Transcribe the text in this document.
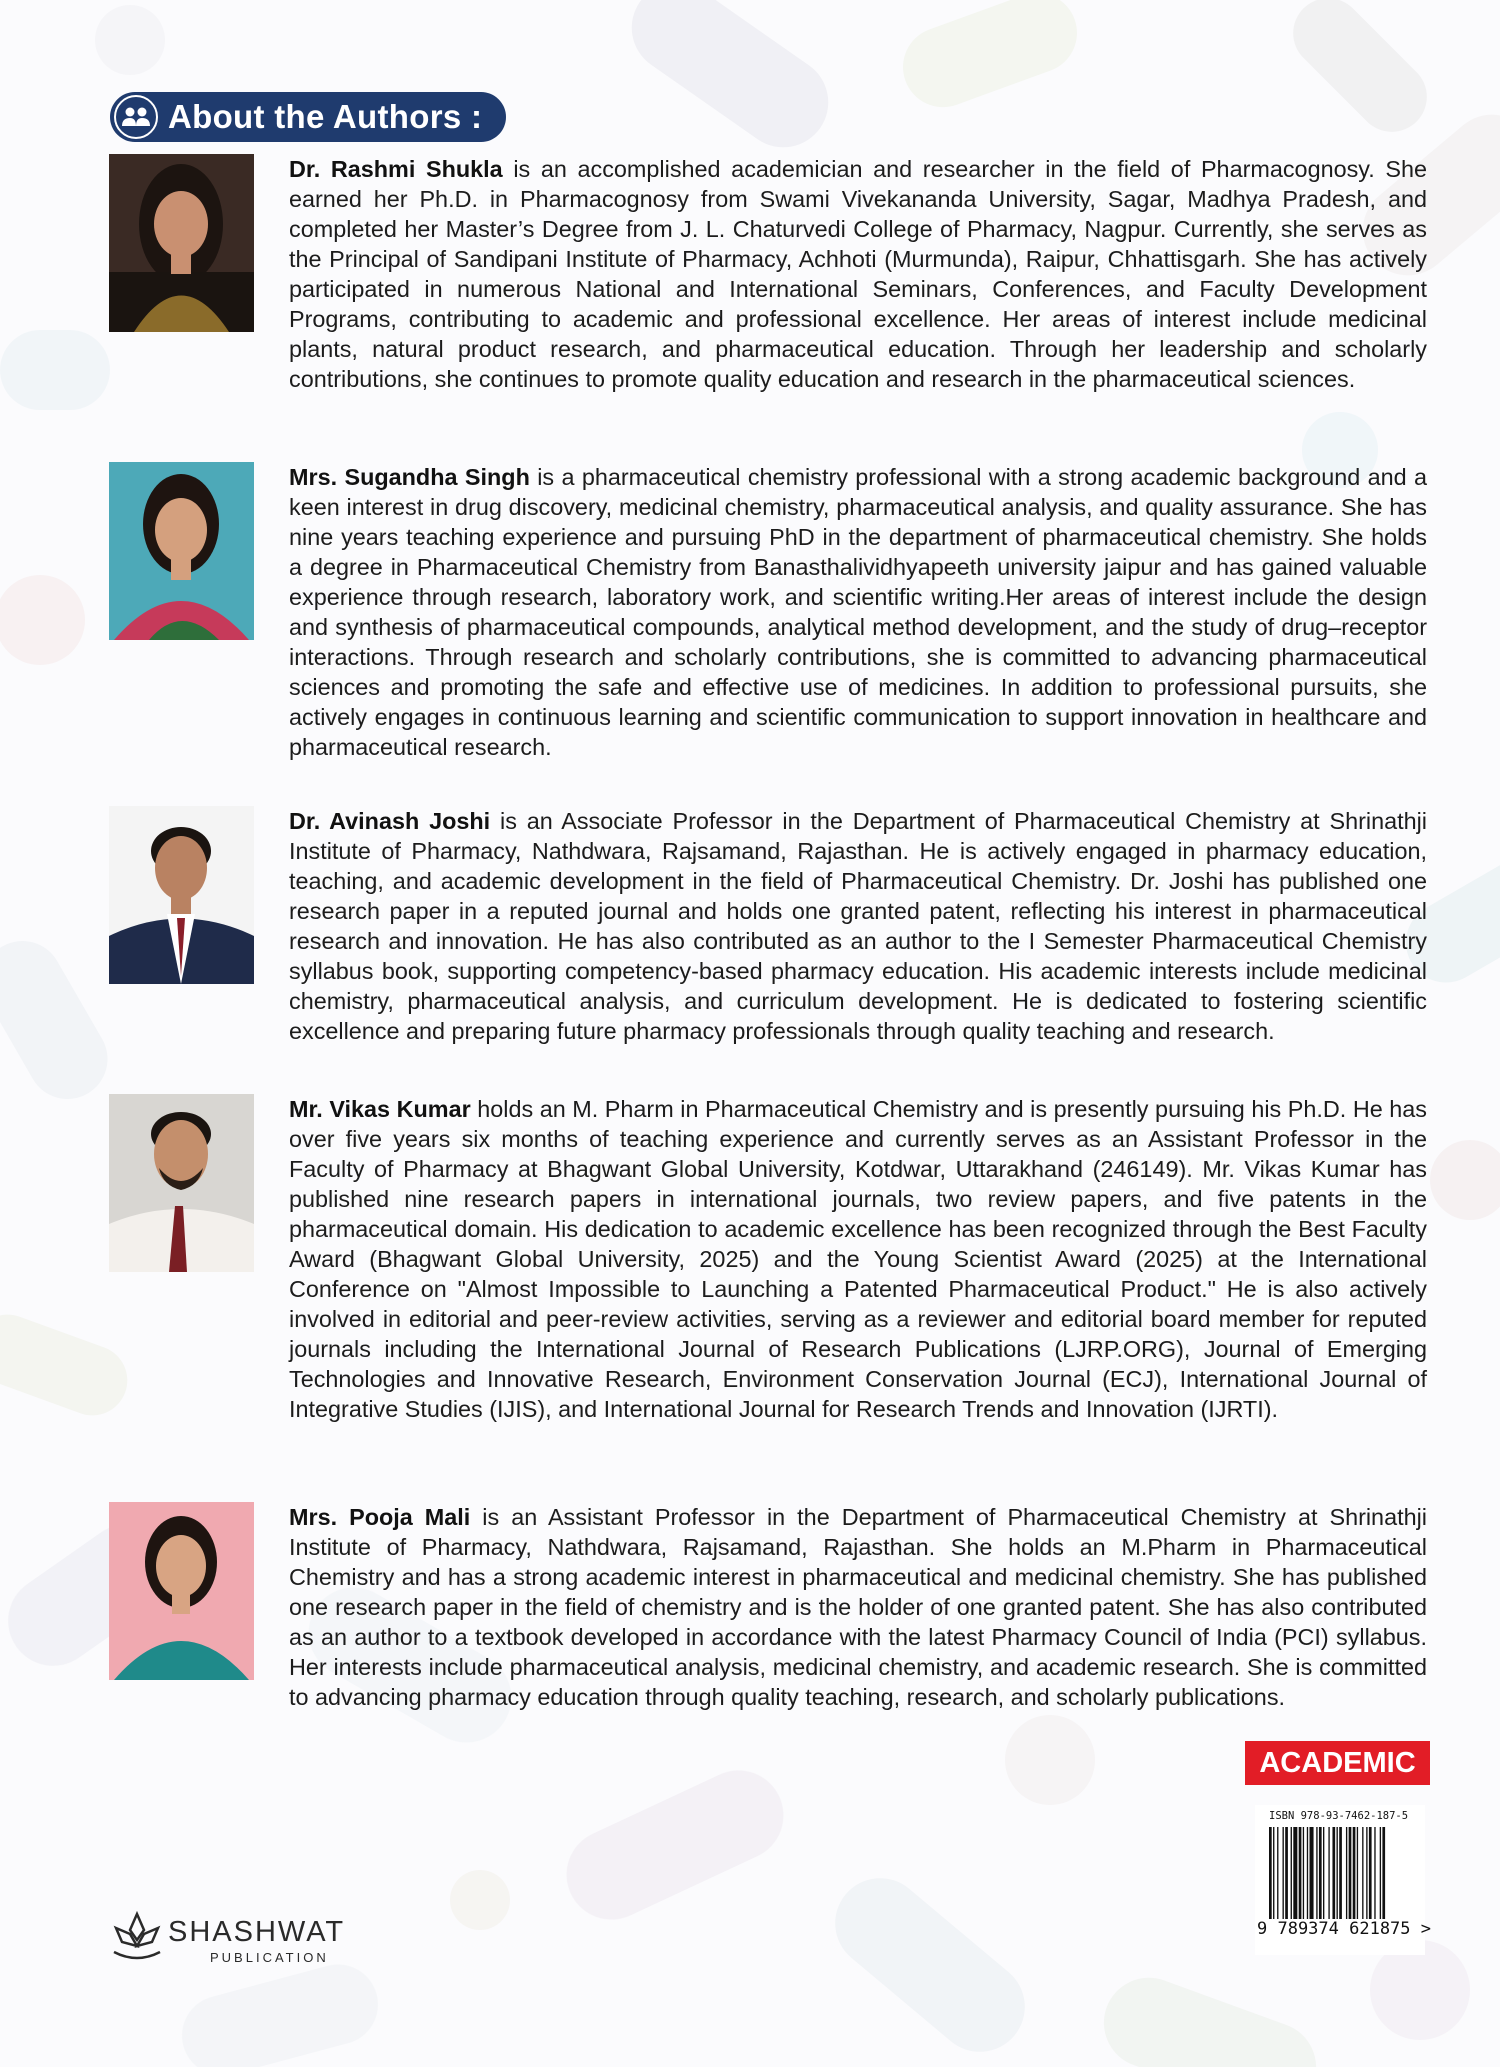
About the Authors :
Dr. Rashmi Shukla is an accomplished academician and researcher in the field of Pharmacognosy. She earned her Ph.D. in Pharmacognosy from Swami Vivekananda University, Sagar, Madhya Pradesh, and completed her Master’s Degree from J. L. Chaturvedi College of Pharmacy, Nagpur. Currently, she serves as the Principal of Sandipani Institute of Pharmacy, Achhoti (Murmunda), Raipur, Chhattisgarh. She has actively participated in numerous National and International Seminars, Conferences, and Faculty Development Programs, contributing to academic and professional excellence. Her areas of interest include medicinal plants, natural product research, and pharmaceutical education. Through her leadership and scholarly contributions, she continues to promote quality education and research in the pharmaceutical sciences.
Mrs. Sugandha Singh is a pharmaceutical chemistry professional with a strong academic background and a keen interest in drug discovery, medicinal chemistry, pharmaceutical analysis, and quality assurance. She has nine years teaching experience and pursuing PhD in the department of pharmaceutical chemistry. She holds a degree in Pharmaceutical Chemistry from Banasthalividhyapeeth university jaipur and has gained valuable experience through research, laboratory work, and scientific writing.Her areas of interest include the design and synthesis of pharmaceutical compounds, analytical method development, and the study of drug–receptor interactions. Through research and scholarly contributions, she is committed to advancing pharmaceutical sciences and promoting the safe and effective use of medicines. In addition to professional pursuits, she actively engages in continuous learning and scientific communication to support innovation in healthcare and pharmaceutical research.
Dr. Avinash Joshi is an Associate Professor in the Department of Pharmaceutical Chemistry at Shrinathji Institute of Pharmacy, Nathdwara, Rajsamand, Rajasthan. He is actively engaged in pharmacy education, teaching, and academic development in the field of Pharmaceutical Chemistry. Dr. Joshi has published one research paper in a reputed journal and holds one granted patent, reflecting his interest in pharmaceutical research and innovation. He has also contributed as an author to the I Semester Pharmaceutical Chemistry syllabus book, supporting competency-based pharmacy education. His academic interests include medicinal chemistry, pharmaceutical analysis, and curriculum development. He is dedicated to fostering scientific excellence and preparing future pharmacy professionals through quality teaching and research.
Mr. Vikas Kumar holds an M. Pharm in Pharmaceutical Chemistry and is presently pursuing his Ph.D. He has over five years six months of teaching experience and currently serves as an Assistant Professor in the Faculty of Pharmacy at Bhagwant Global University, Kotdwar, Uttarakhand (246149). Mr. Vikas Kumar has published nine research papers in international journals, two review papers, and five patents in the pharmaceutical domain. His dedication to academic excellence has been recognized through the Best Faculty Award (Bhagwant Global University, 2025) and the Young Scientist Award (2025) at the International Conference on "Almost Impossible to Launching a Patented Pharmaceutical Product." He is also actively involved in editorial and peer-review activities, serving as a reviewer and editorial board member for reputed journals including the International Journal of Research Publications (LJRP.ORG), Journal of Emerging Technologies and Innovative Research, Environment Conservation Journal (ECJ), International Journal of Integrative Studies (IJIS), and International Journal for Research Trends and Innovation (IJRTI).
Mrs. Pooja Mali is an Assistant Professor in the Department of Pharmaceutical Chemistry at Shrinathji Institute of Pharmacy, Nathdwara, Rajsamand, Rajasthan. She holds an M.Pharm in Pharmaceutical Chemistry and has a strong academic interest in pharmaceutical and medicinal chemistry. She has published one research paper in the field of chemistry and is the holder of one granted patent. She has also contributed as an author to a textbook developed in accordance with the latest Pharmacy Council of India (PCI) syllabus. Her interests include pharmaceutical analysis, medicinal chemistry, and academic research. She is committed to advancing pharmacy education through quality teaching, research, and scholarly publications.
ACADEMIC
ISBN 978-93-7462-187-5
9 789374 621875 >
SHASHWAT
PUBLICATION
